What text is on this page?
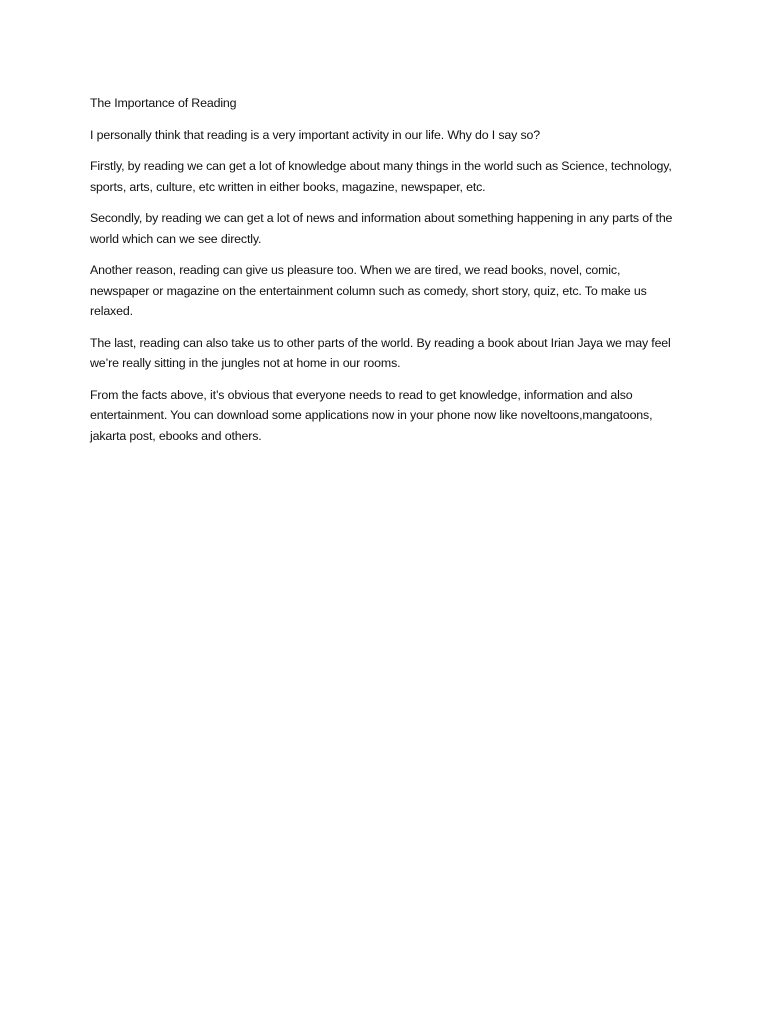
The Importance of Reading

I personally think that reading is a very important activity in our life. Why do I say so?

Firstly, by reading we can get a lot of knowledge about many things in the world such as Science, technology, sports, arts, culture, etc written in either books, magazine, newspaper, etc.

Secondly, by reading we can get a lot of news and information about something happening in any parts of the world which can we see directly.

Another reason, reading can give us pleasure too. When we are tired, we read books, novel, comic, newspaper or magazine on the entertainment column such as comedy, short story, quiz, etc. To make us relaxed.

The last, reading can also take us to other parts of the world. By reading a book about Irian Jaya we may feel we’re really sitting in the jungles not at home in our rooms.

From the facts above, it’s obvious that everyone needs to read to get knowledge, information and also entertainment. You can download some applications now in your phone now like noveltoons,mangatoons, jakarta post, ebooks and others.
